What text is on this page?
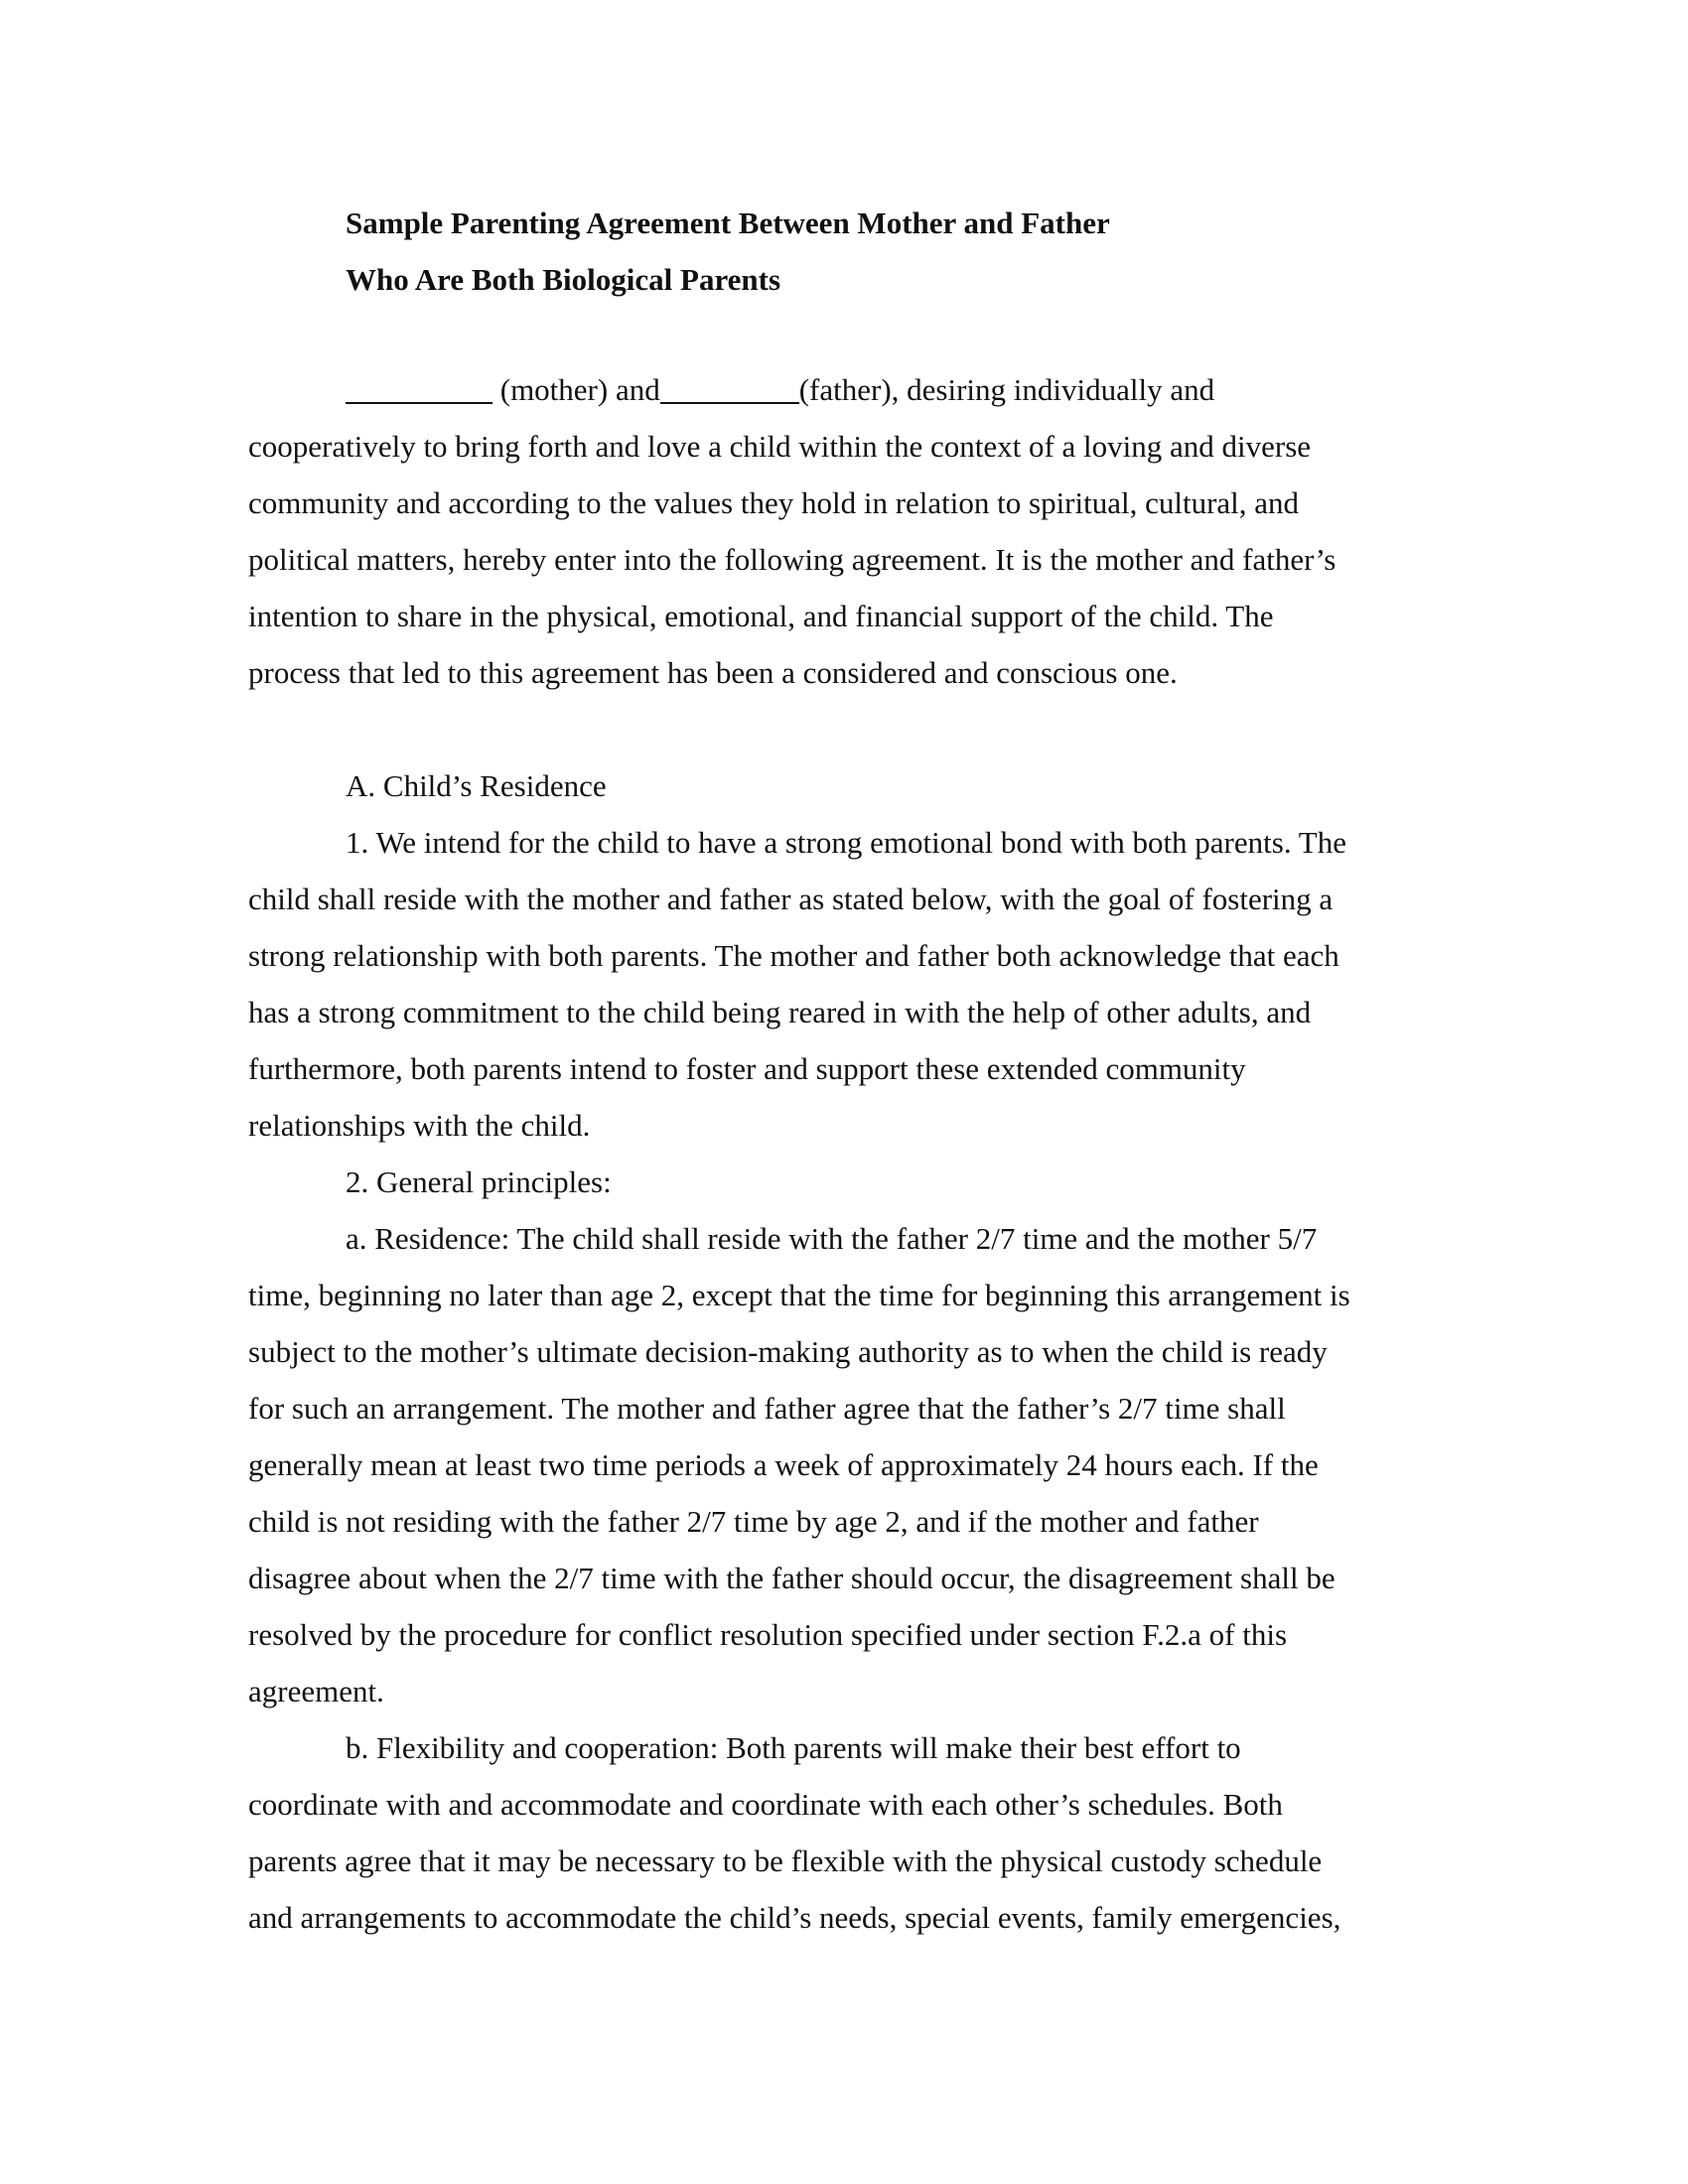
Sample Parenting Agreement Between Mother and Father
Who Are Both Biological Parents
(mother) and	(father), desiring individually and
cooperatively to bring forth and love a child within the context of a loving and diverse
community and according to the values they hold in relation to spiritual, cultural, and
political matters, hereby enter into the following agreement. It is the mother and father’s
intention to share in the physical, emotional, and financial support of the child. The
process that led to this agreement has been a considered and conscious one.
A. Child’s Residence
1. We intend for the child to have a strong emotional bond with both parents. The
child shall reside with the mother and father as stated below, with the goal of fostering a
strong relationship with both parents. The mother and father both acknowledge that each
has a strong commitment to the child being reared in with the help of other adults, and
furthermore, both parents intend to foster and support these extended community
relationships with the child.
2. General principles:
a. Residence: The child shall reside with the father 2/7 time and the mother 5/7
time, beginning no later than age 2, except that the time for beginning this arrangement is
subject to the mother’s ultimate decision-making authority as to when the child is ready
for such an arrangement. The mother and father agree that the father’s 2/7 time shall
generally mean at least two time periods a week of approximately 24 hours each. If the
child is not residing with the father 2/7 time by age 2, and if the mother and father
disagree about when the 2/7 time with the father should occur, the disagreement shall be
resolved by the procedure for conflict resolution specified under section F.2.a of this
agreement.
b. Flexibility and cooperation: Both parents will make their best effort to
coordinate with and accommodate and coordinate with each other’s schedules. Both
parents agree that it may be necessary to be flexible with the physical custody schedule
and arrangements to accommodate the child’s needs, special events, family emergencies,
